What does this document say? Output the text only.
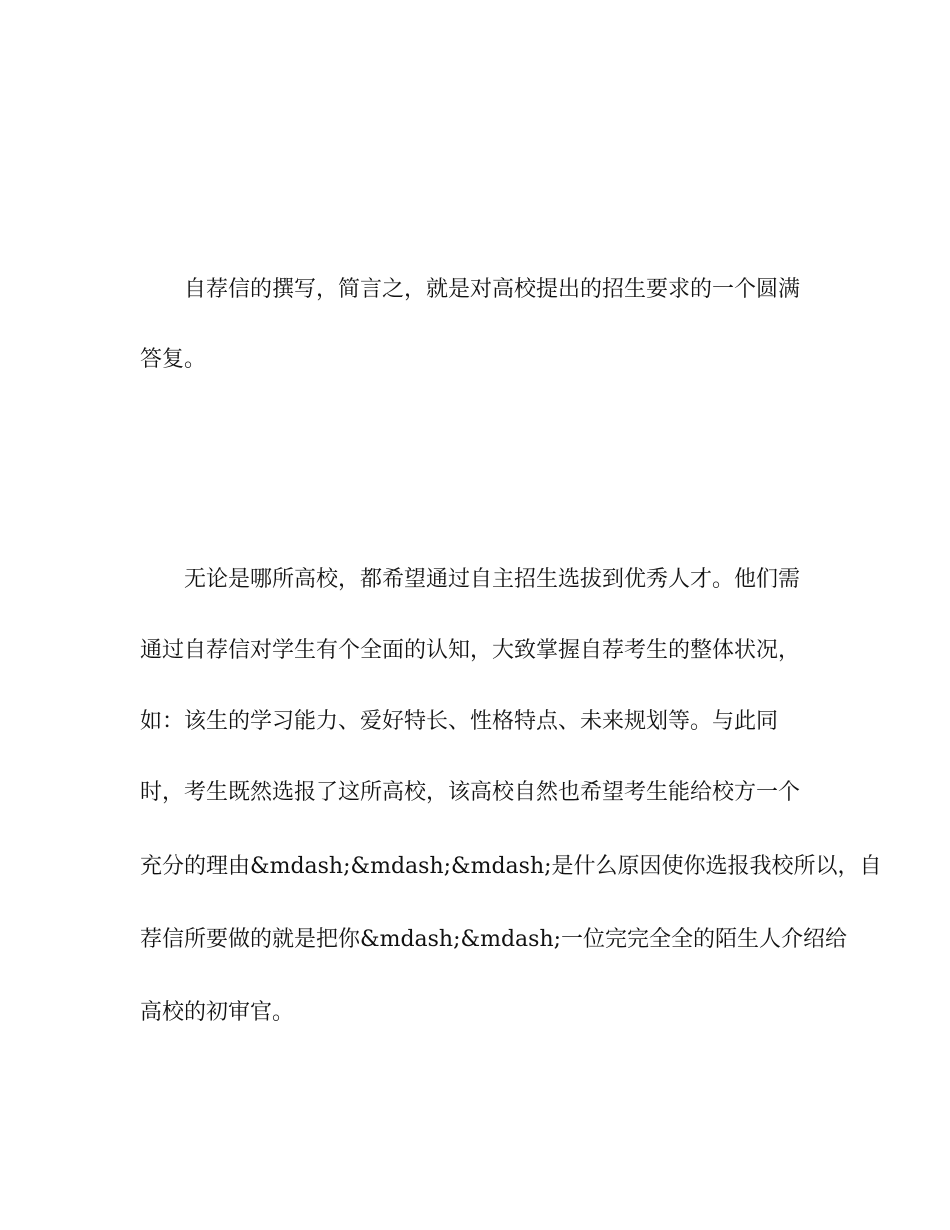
自荐信的撰写，简言之，就是对高校提出的招生要求的一个圆满
答复。
无论是哪所高校，都希望通过自主招生选拔到优秀人才。他们需
通过自荐信对学生有个全面的认知，大致掌握自荐考生的整体状况，
如：该生的学习能力、爱好特长、性格特点、未来规划等。与此同
时，考生既然选报了这所高校，该高校自然也希望考生能给校方一个
充分的理由&mdash;&mdash;&mdash;是什么原因使你选报我校所以，自
荐信所要做的就是把你&mdash;&mdash;一位完完全全的陌生人介绍给
高校的初审官。
